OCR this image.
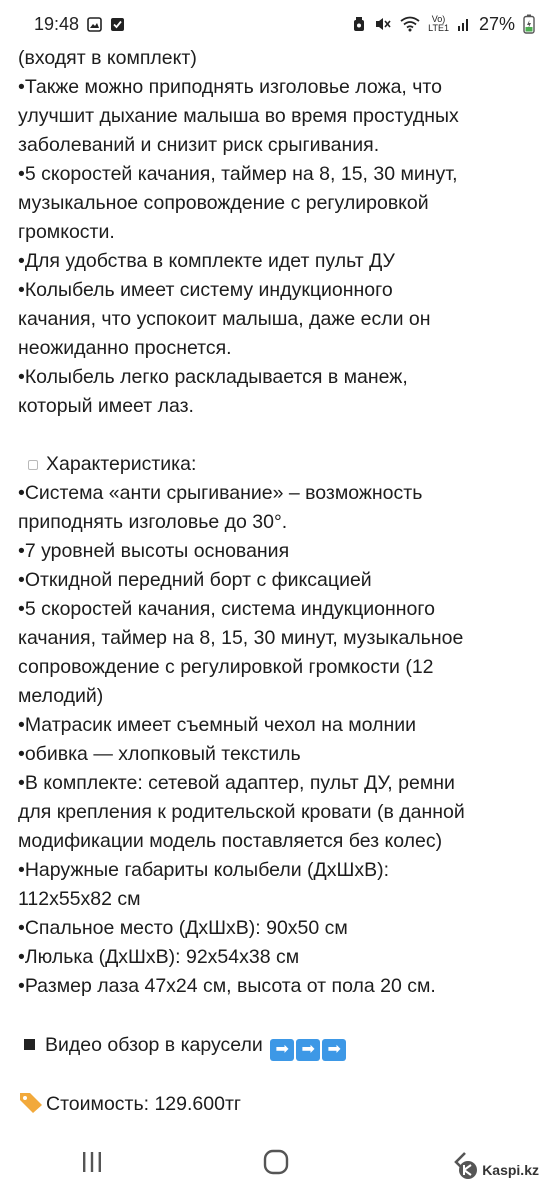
19:48	Vo)
LTE1 27%
(входят в комплект)
•Также можно приподнять изголовье ложа, что
улучшит дыхание малыша во время простудных
заболеваний и снизит риск срыгивания.
•5 скоростей качания, таймер на 8, 15, 30 минут,
музыкальное сопровождение с регулировкой
громкости.
•Для удобства в комплекте идет пульт ДУ
•Колыбель имеет систему индукционного
качания, что успокоит малыша, даже если он
неожиданно проснется.
•Колыбель легко раскладывается в манеж,
который имеет лаз.
Характеристика:
•Система «анти срыгивание» – возможность
приподнять изголовье до 30°.
•7 уровней высоты основания
•Откидной передний борт с фиксацией
•5 скоростей качания, система индукционного
качания, таймер на 8, 15, 30 минут, музыкальное
сопровождение с регулировкой громкости (12
мелодий)
•Матрасик имеет съемный чехол на молнии
•обивка — хлопковый текстиль
•В комплекте: сетевой адаптер, пульт ДУ, ремни
для крепления к родительской кровати (в данной
модификации модель поставляется без колес)
•Наружные габариты колыбели (ДхШхВ):
112х55х82 см
•Спальное место (ДхШхВ): 90х50 см
•Люлька (ДхШхВ): 92х54х38 см
•Размер лаза 47х24 см, высота от пола 20 см.
Видео обзор в карусели ➡ ➡ ➡
Стоимость: 129.600тг
Kaspi.kz
